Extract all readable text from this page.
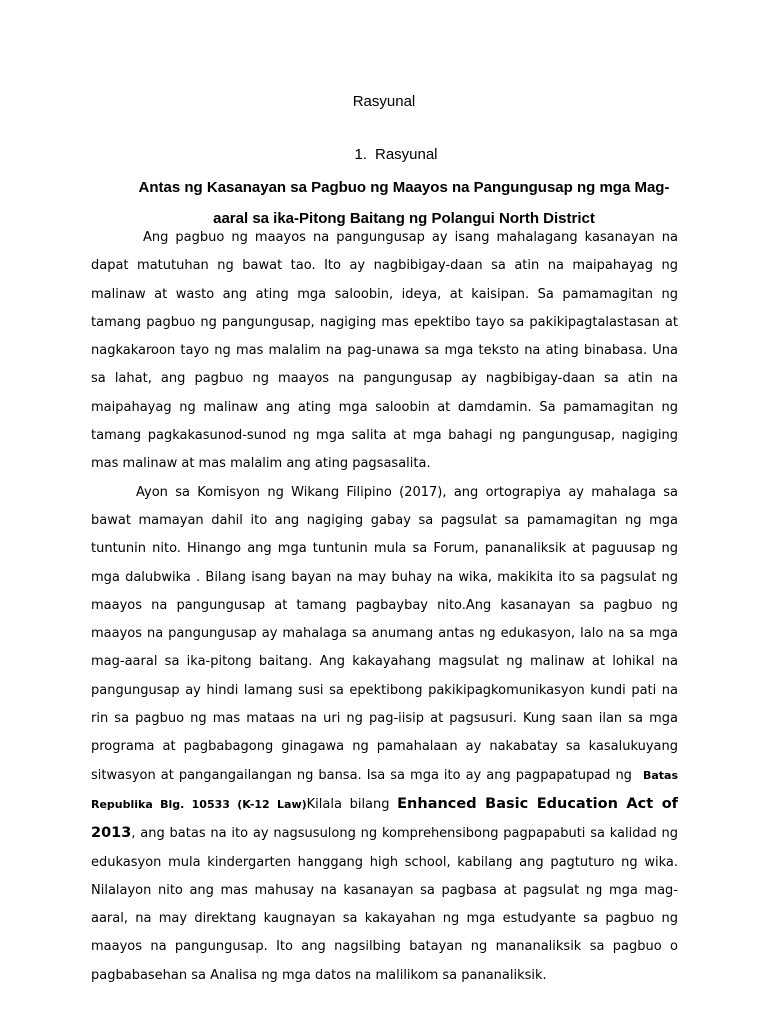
Rasyunal
1. Rasyunal
Antas ng Kasanayan sa Pagbuo ng Maayos na Pangungusap ng mga Mag-aaral sa ika-Pitong Baitang ng Polangui North District

Ang pagbuo ng maayos na pangungusap ay isang mahalagang kasanayan na dapat matutuhan ng bawat tao. Ito ay nagbibigay-daan sa atin na maipahayag ng malinaw at wasto ang ating mga saloobin, ideya, at kaisipan. Sa pamamagitan ng tamang pagbuo ng pangungusap, nagiging mas epektibo tayo sa pakikipagtalastasan at nagkakaroon tayo ng mas malalim na pag-unawa sa mga teksto na ating binabasa. Una sa lahat, ang pagbuo ng maayos na pangungusap ay nagbibigay-daan sa atin na maipahayag ng malinaw ang ating mga saloobin at damdamin. Sa pamamagitan ng tamang pagkakasunod-sunod ng mga salita at mga bahagi ng pangungusap, nagiging mas malinaw at mas malalim ang ating pagsasalita.

Ayon sa Komisyon ng Wikang Filipino (2017), ang ortograpiya ay mahalaga sa bawat mamayan dahil ito ang nagiging gabay sa pagsulat sa pamamagitan ng mga tuntunin nito. Hinango ang mga tuntunin mula sa Forum, pananaliksik at paguusap ng mga dalubwika . Bilang isang bayan na may buhay na wika, makikita ito sa pagsulat ng maayos na pangungusap at tamang pagbaybay nito.Ang kasanayan sa pagbuo ng maayos na pangungusap ay mahalaga sa anumang antas ng edukasyon, lalo na sa mga mag-aaral sa ika-pitong baitang. Ang kakayahang magsulat ng malinaw at lohikal na pangungusap ay hindi lamang susi sa epektibong pakikipagkomunikasyon kundi pati na rin sa pagbuo ng mas mataas na uri ng pag-iisip at pagsusuri. Kung saan ilan sa mga programa at pagbabagong ginagawa ng pamahalaan ay nakabatay sa kasalukuyang sitwasyon at pangangailangan ng bansa. Isa sa mga ito ay ang pagpapatupad ng Batas Republika Blg. 10533 (K-12 Law)Kilala bilang Enhanced Basic Education Act of 2013, ang batas na ito ay nagsusulong ng komprehensibong pagpapabuti sa kalidad ng edukasyon mula kindergarten hanggang high school, kabilang ang pagtuturo ng wika. Nilalayon nito ang mas mahusay na kasanayan sa pagbasa at pagsulat ng mga mag-aaral, na may direktang kaugnayan sa kakayahan ng mga estudyante sa pagbuo ng maayos na pangungusap. Ito ang nagsilbing batayan ng mananaliksik sa pagbuo o pagbabasehan sa Analisa ng mga datos na malilikom sa pananaliksik.
